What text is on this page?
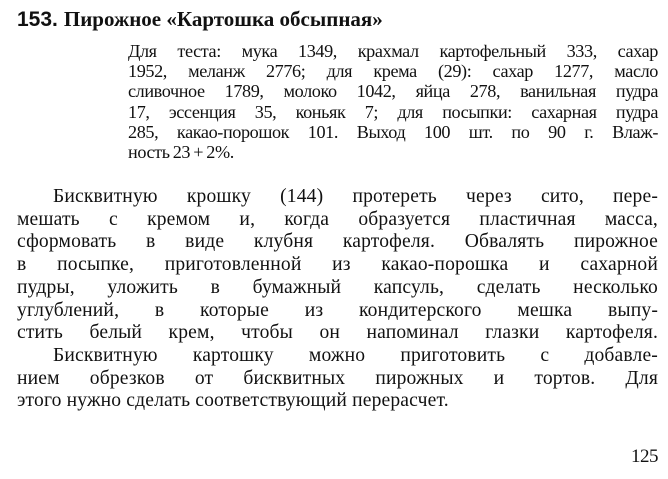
153. Пирожное «Картошка обсыпная»
Для теста: мука 1349, крахмал картофельный 333, сахар
1952, меланж 2776; для крема (29): сахар 1277, масло
сливочное 1789, молоко 1042, яйца 278, ванильная пудра
17, эссенция 35, коньяк 7; для посыпки: сахарная пудра
285, какао-порошок 101. Выход 100 шт. по 90 г. Влаж-
ность 23 + 2%.
Бисквитную крошку (144) протереть через сито, пере-
мешать с кремом и, когда образуется пластичная масса,
сформовать в виде клубня картофеля. Обвалять пирожное
в посыпке, приготовленной из какао-порошка и сахарной
пудры, уложить в бумажный капсуль, сделать несколько
углублений, в которые из кондитерского мешка выпу-
стить белый крем, чтобы он напоминал глазки картофеля.
Бисквитную картошку можно приготовить с добавле-
нием обрезков от бисквитных пирожных и тортов. Для
этого нужно сделать соответствующий перерасчет.
125
